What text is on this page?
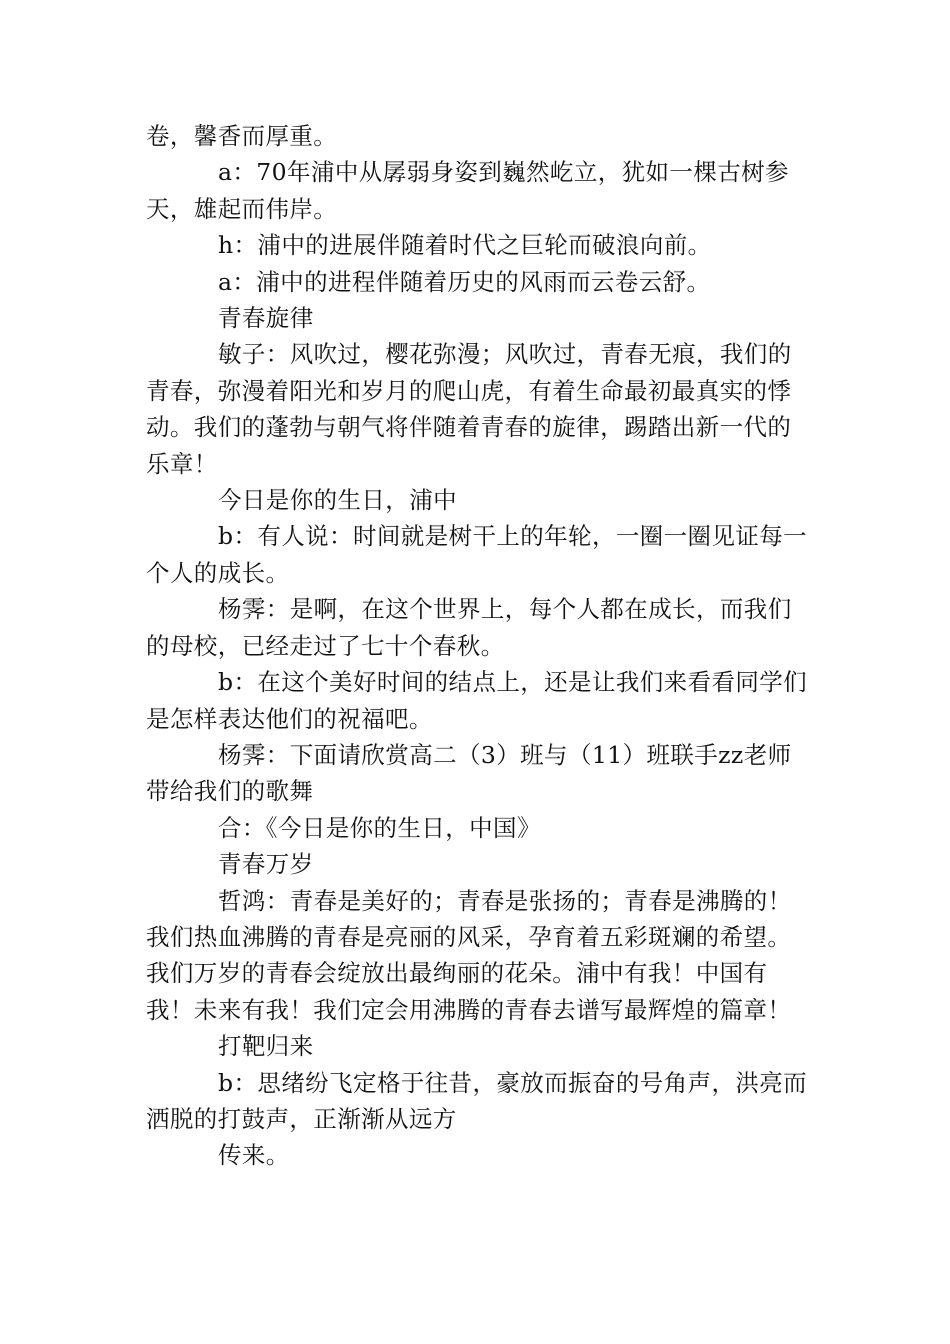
卷，馨香而厚重。

a：70年浦中从孱弱身姿到巍然屹立，犹如一棵古树参天，雄起而伟岸。

h：浦中的进展伴随着时代之巨轮而破浪向前。

a：浦中的进程伴随着历史的风雨而云卷云舒。

青春旋律

敏子：风吹过，樱花弥漫；风吹过，青春无痕，我们的青春，弥漫着阳光和岁月的爬山虎，有着生命最初最真实的悸动。我们的蓬勃与朝气将伴随着青春的旋律，踢踏出新一代的乐章！

今日是你的生日，浦中

b：有人说：时间就是树干上的年轮，一圈一圈见证每一个人的成长。

杨霁：是啊，在这个世界上，每个人都在成长，而我们的母校，已经走过了七十个春秋。

b：在这个美好时间的结点上，还是让我们来看看同学们是怎样表达他们的祝福吧。

杨霁：下面请欣赏高二（3）班与（11）班联手zz老师带给我们的歌舞

合：《今日是你的生日，中国》

青春万岁

哲鸿：青春是美好的；青春是张扬的；青春是沸腾的！我们热血沸腾的青春是亮丽的风采，孕育着五彩斑斓的希望。我们万岁的青春会绽放出最绚丽的花朵。浦中有我！中国有我！未来有我！我们定会用沸腾的青春去谱写最辉煌的篇章！

打靶归来

b：思绪纷飞定格于往昔，豪放而振奋的号角声，洪亮而洒脱的打鼓声，正渐渐从远方

传来。
